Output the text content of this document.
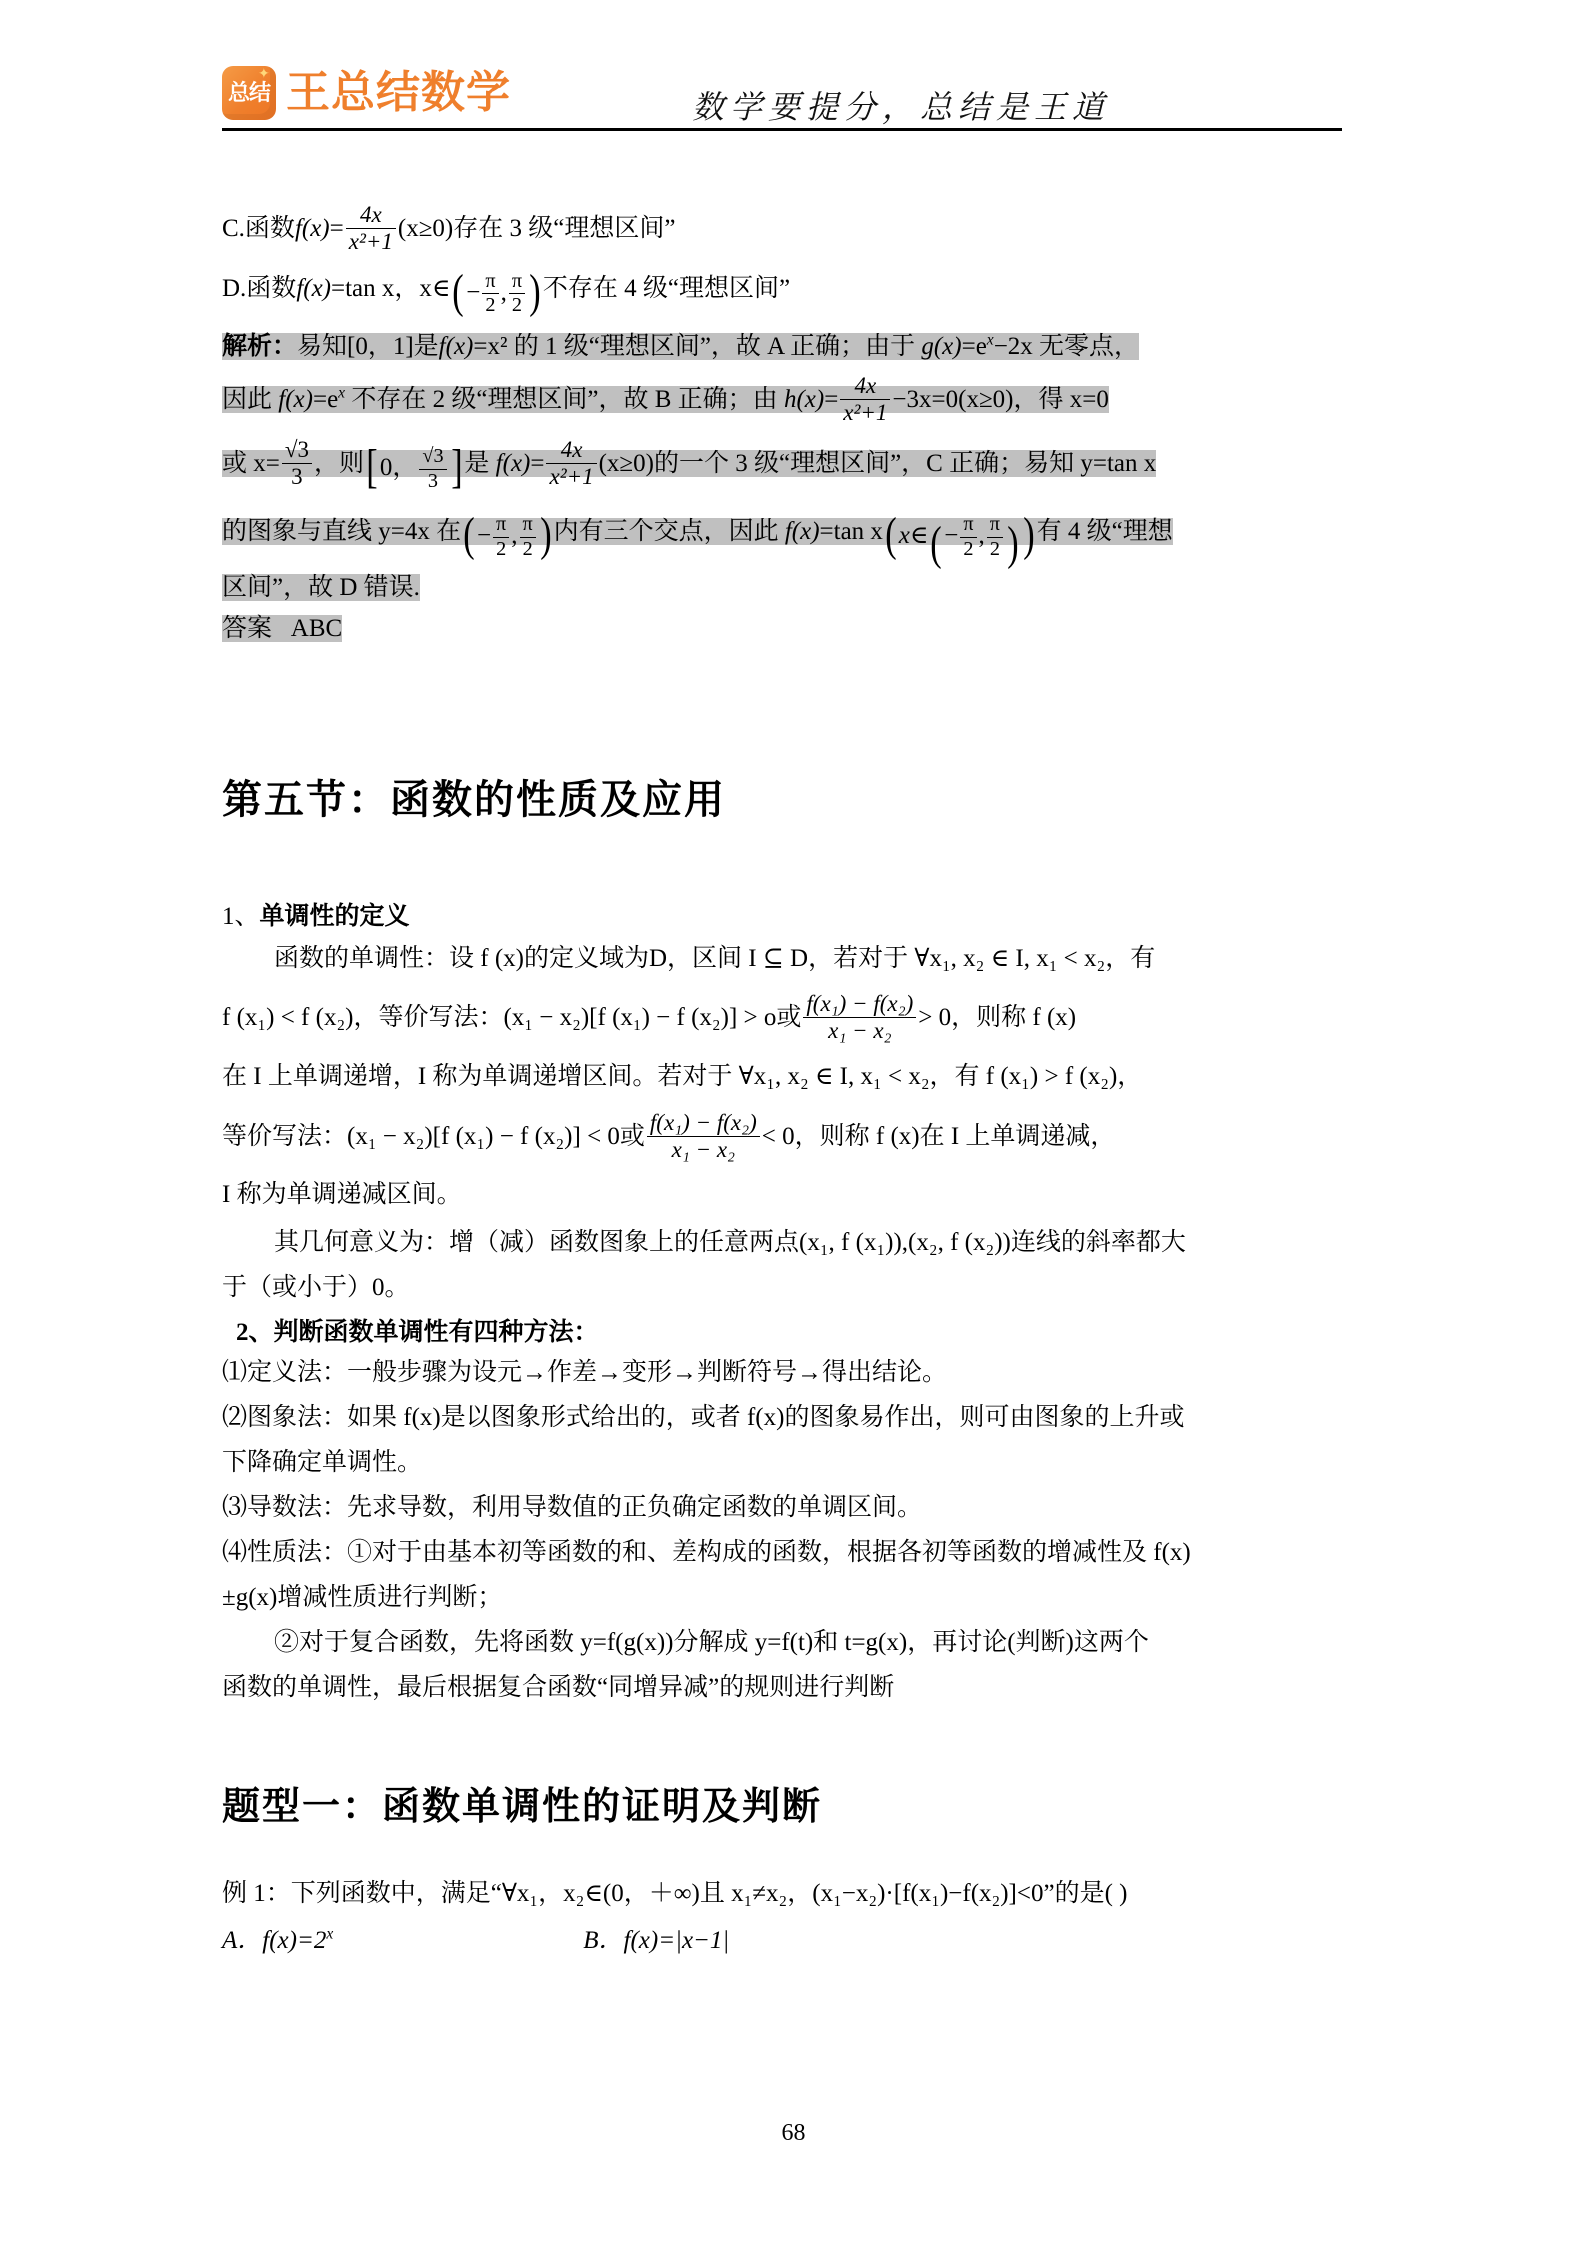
✦
总结 王总结数学	数学要提分，总结是王道

C.函数$f(x)= \frac{4x}{\text{x²+1}} (x\ge 0)$存在 3 级“理想区间”

D.函数f(x)=tan x，x∈ ( − $\frac{\pi}{2}$ , $\frac{\pi}{2}$ ) 不存在 4 级“理想区间”

解析：易知[0，1]是f(x)=x² 的 1 级“理想区间”，故 A 正确；由于 $g(x)=e^x-2x$ 无零点，

因此 $f(x)=e^x$ 不存在 2 级“理想区间”，故 B 正确；由 $h(x)= \frac{4x}{\text{x²+1}} -3x=0(x\ge 0)$，得 x=0

或 $x= \frac{√3}{3}$ ，则 [ 0， $\frac{√3}{3}$ ] 是 $f(x)= \frac{4x}{\text{x²+1}} (x\ge 0)$的一个 3 级“理想区间”，C 正确；易知 y=tan x

的图象与直线 y=4x 在 ( − $\frac{\pi}{2}$ , $\frac{\pi}{2}$ ) 内有三个交点，因此 f(x)=tan x ( x∈(− $\frac{\pi}{2}$ , $\frac{\pi}{2}$ ) ) 有 4 级“理想

区间”，故 D 错误.

答案 ABC

第五节：函数的性质及应用

1、单调性的定义

函数的单调性：设 f (x)的定义域为D，区间 I ⊆ D，若对于 ∀x₁, x₂ ∈ I, x₁ < x₂，有

f (x₁) < f (x₂)，等价写法：(x₁ − x₂)[f (x₁) − f (x₂)] > o或 $\frac{\text{f(x₁) − f(x₂)}}{\text{x₁ − x₂}} > 0$，则称 f (x)

在 I 上单调递增，I 称为单调递增区间。若对于 ∀x₁, x₂ ∈ I, x₁ < x₂，有 f (x₁) > f (x₂)，

等价写法：(x₁ − x₂)[f (x₁) − f (x₂)] < 0或 $\frac{\text{f(x₁) − f(x₂)}}{\text{x₁ − x₂}} < 0$，则称 f (x)在 I 上单调递减，

I 称为单调递减区间。

其几何意义为：增（减）函数图象上的任意两点(x₁, f (x₁)),(x₂, f (x₂))连线的斜率都大

于（或小于）0。

2、判断函数单调性有四种方法：

⑴定义法：一般步骤为设元→作差→变形→判断符号→得出结论。

⑵图象法：如果 f(x)是以图象形式给出的，或者 f(x)的图象易作出，则可由图象的上升或

下降确定单调性。

⑶导数法：先求导数，利用导数值的正负确定函数的单调区间。

⑷性质法：①对于由基本初等函数的和、差构成的函数，根据各初等函数的增减性及 f(x)

±g(x)增减性质进行判断；

②对于复合函数，先将函数 y=f(g(x))分解成 y=f(t)和 t=g(x)，再讨论(判断)这两个

函数的单调性，最后根据复合函数“同增异减”的规则进行判断

题型一：函数单调性的证明及判断

例 1：下列函数中，满足“∀x₁，x₂∈(0，＋∞)且 x₁≠x₂，(x₁−x₂)·[f(x₁)−f(x₂)]<0”的是( )

A．$f(x)=2^x$	B．f(x)=|x−1|

68
